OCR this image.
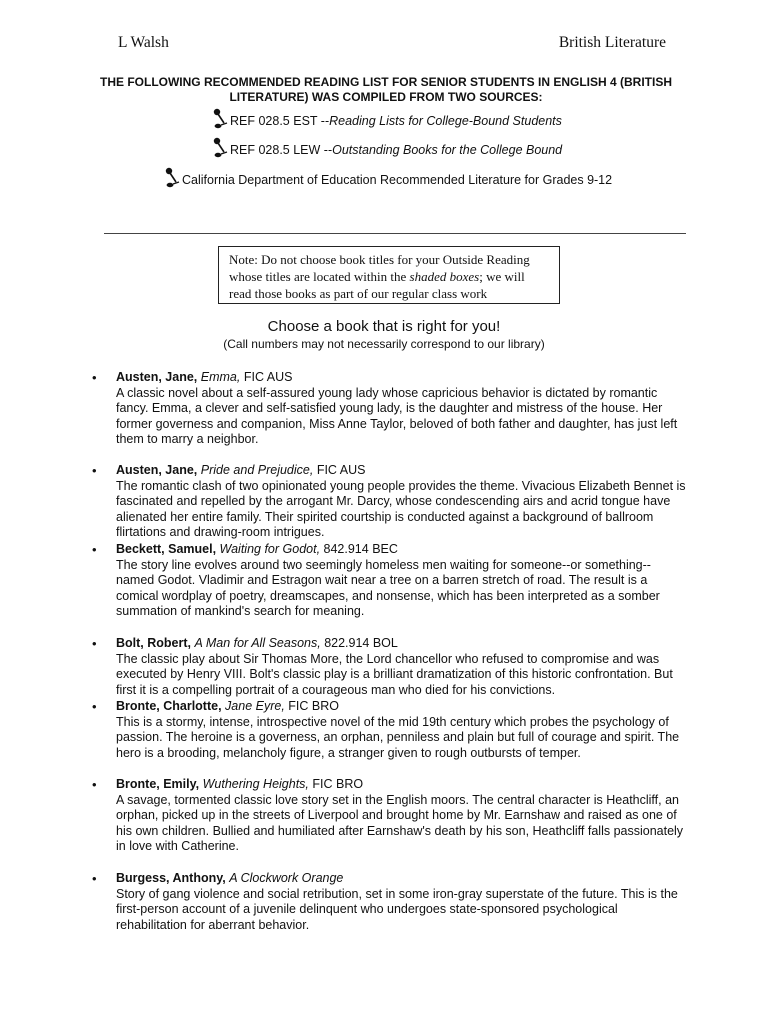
L Walsh	British Literature
THE FOLLOWING RECOMMENDED READING LIST FOR SENIOR STUDENTS IN ENGLISH 4 (BRITISH LITERATURE) WAS COMPILED FROM TWO SOURCES:
REF 028.5 EST -- Reading Lists for College-Bound Students
REF 028.5 LEW -- Outstanding Books for the College Bound
California Department of Education Recommended Literature for Grades 9-12
Note: Do not choose book titles for your Outside Reading whose titles are located within the shaded boxes; we will read those books as part of our regular class work
Choose a book that is right for you!
(Call numbers may not necessarily correspond to our library)
• Austen, Jane, Emma, FIC AUS
A classic novel about a self-assured young lady whose capricious behavior is dictated by romantic fancy. Emma, a clever and self-satisfied young lady, is the daughter and mistress of the house. Her former governess and companion, Miss Anne Taylor, beloved of both father and daughter, has just left them to marry a neighbor.
• Austen, Jane, Pride and Prejudice, FIC AUS
The romantic clash of two opinionated young people provides the theme. Vivacious Elizabeth Bennet is fascinated and repelled by the arrogant Mr. Darcy, whose condescending airs and acrid tongue have alienated her entire family. Their spirited courtship is conducted against a background of ballroom flirtations and drawing-room intrigues.
• Beckett, Samuel, Waiting for Godot, 842.914 BEC
The story line evolves around two seemingly homeless men waiting for someone--or something--named Godot. Vladimir and Estragon wait near a tree on a barren stretch of road. The result is a comical wordplay of poetry, dreamscapes, and nonsense, which has been interpreted as a somber summation of mankind's search for meaning.
• Bolt, Robert, A Man for All Seasons, 822.914 BOL
The classic play about Sir Thomas More, the Lord chancellor who refused to compromise and was executed by Henry VIII. Bolt's classic play is a brilliant dramatization of this historic confrontation. But first it is a compelling portrait of a courageous man who died for his convictions.
• Bronte, Charlotte, Jane Eyre, FIC BRO
This is a stormy, intense, introspective novel of the mid 19th century which probes the psychology of passion. The heroine is a governess, an orphan, penniless and plain but full of courage and spirit. The hero is a brooding, melancholy figure, a stranger given to rough outbursts of temper.
• Bronte, Emily, Wuthering Heights, FIC BRO
A savage, tormented classic love story set in the English moors. The central character is Heathcliff, an orphan, picked up in the streets of Liverpool and brought home by Mr. Earnshaw and raised as one of his own children. Bullied and humiliated after Earnshaw's death by his son, Heathcliff falls passionately in love with Catherine.
• Burgess, Anthony, A Clockwork Orange
Story of gang violence and social retribution, set in some iron-gray superstate of the future. This is the first-person account of a juvenile delinquent who undergoes state-sponsored psychological rehabilitation for aberrant behavior.
